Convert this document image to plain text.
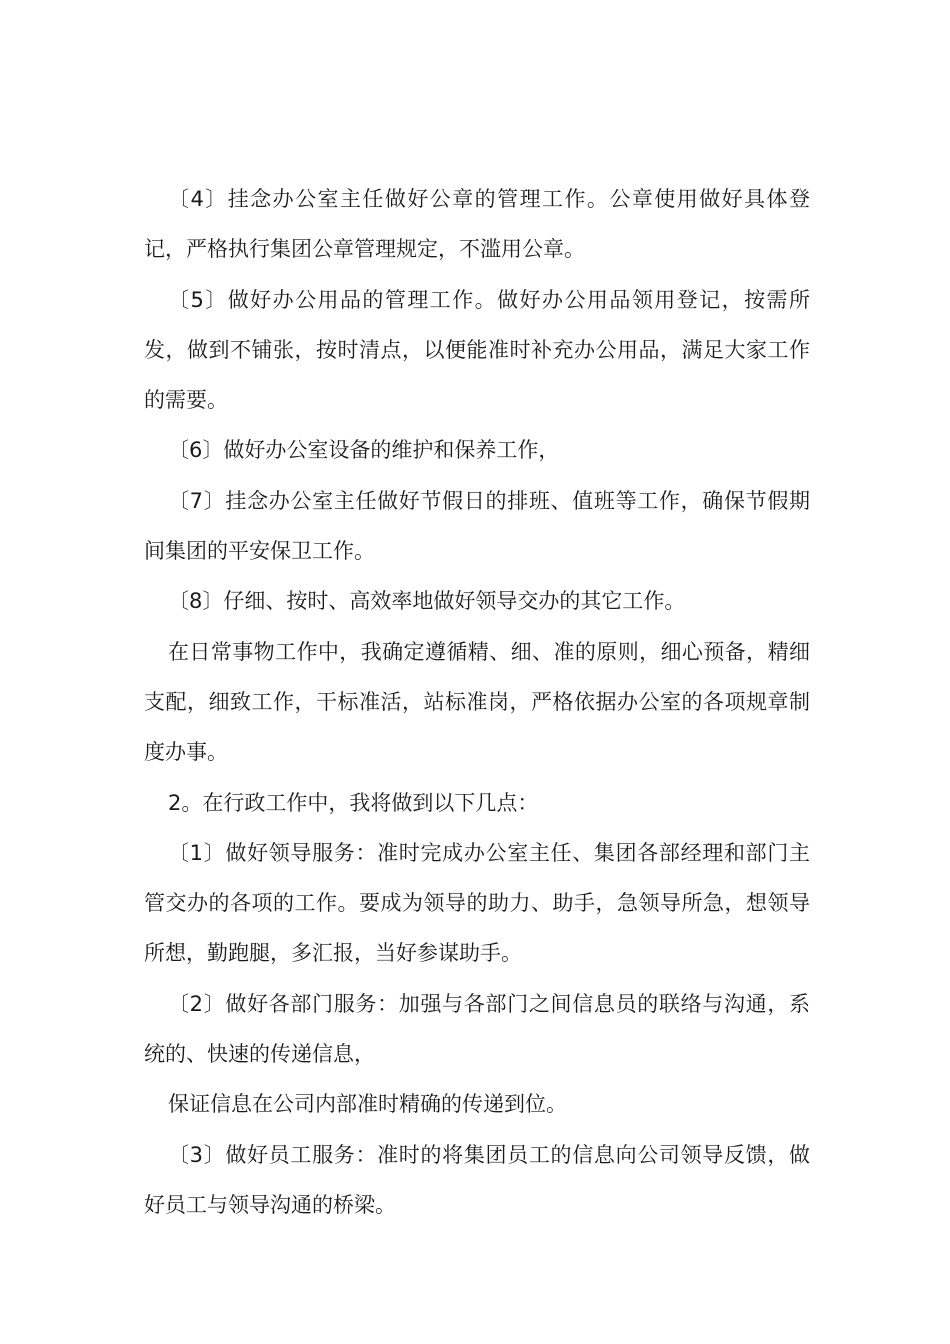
〔4〕挂念办公室主任做好公章的管理工作。公章使用做好具体登记，严格执行集团公章管理规定，不滥用公章。

〔5〕做好办公用品的管理工作。做好办公用品领用登记，按需所发，做到不铺张，按时清点，以便能准时补充办公用品，满足大家工作的需要。

〔6〕做好办公室设备的维护和保养工作，

〔7〕挂念办公室主任做好节假日的排班、值班等工作，确保节假期间集团的平安保卫工作。

〔8〕仔细、按时、高效率地做好领导交办的其它工作。

在日常事物工作中，我确定遵循精、细、准的原则，细心预备，精细支配，细致工作，干标准活，站标准岗，严格依据办公室的各项规章制度办事。

2。在行政工作中，我将做到以下几点：

〔1〕做好领导服务：准时完成办公室主任、集团各部经理和部门主管交办的各项的工作。要成为领导的助力、助手，急领导所急，想领导所想，勤跑腿，多汇报，当好参谋助手。

〔2〕做好各部门服务：加强与各部门之间信息员的联络与沟通，系统的、快速的传递信息，

保证信息在公司内部准时精确的传递到位。

〔3〕做好员工服务：准时的将集团员工的信息向公司领导反馈，做好员工与领导沟通的桥梁。
